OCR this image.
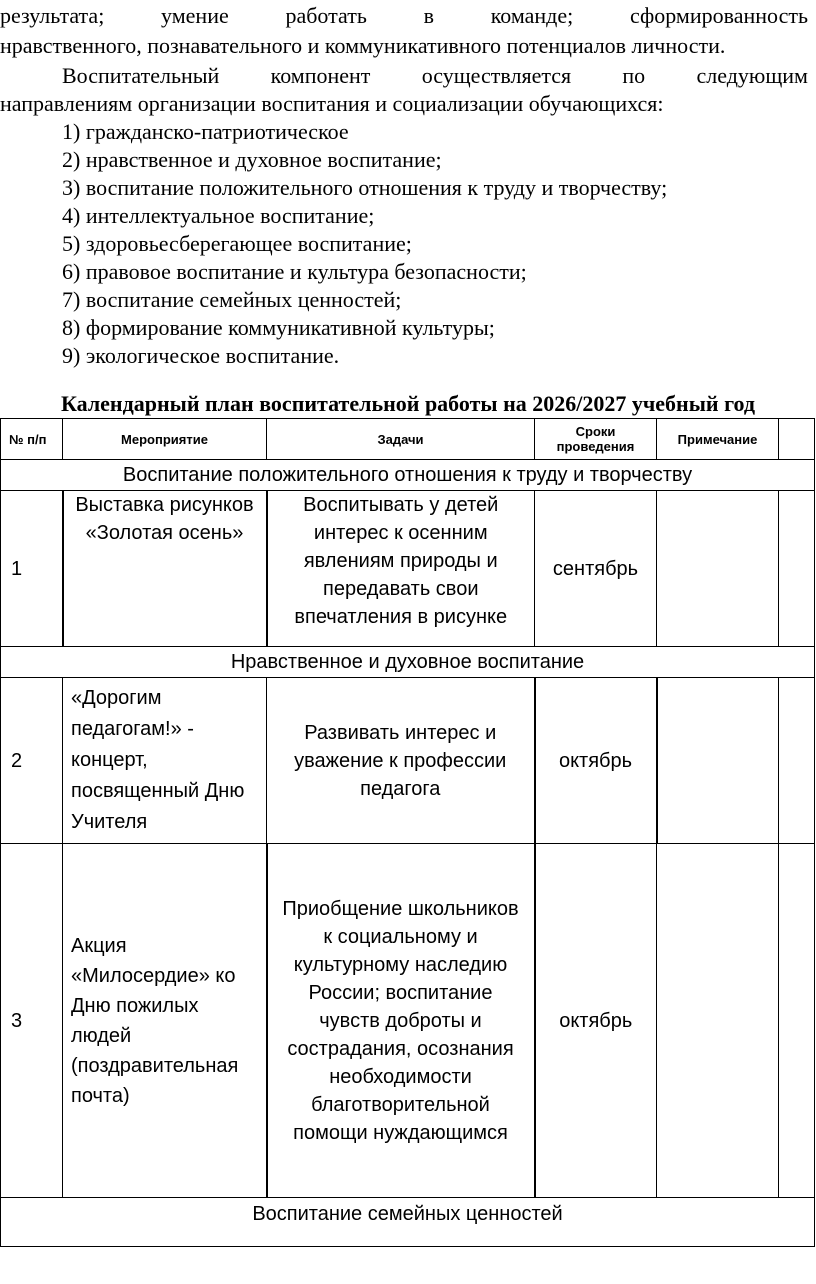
результата;	умение	работать	в	команде;	сформированность
нравственного, познавательного и коммуникативного потенциалов личности.
Воспитательный компонент осуществляется по следующим
направлениям организации воспитания и социализации обучающихся:
1) гражданско-патриотическое
2) нравственное и духовное воспитание;
3) воспитание положительного отношения к труду и творчеству;
4) интеллектуальное воспитание;
5) здоровьесберегающее воспитание;
6) правовое воспитание и культура безопасности;
7) воспитание семейных ценностей;
8) формирование коммуникативной культуры;
9) экологическое воспитание.
Календарный план воспитательной работы на 2026/2027 учебный год
№ п/п	Мероприятие	Задачи	Сроки проведения	Примечание	
Воспитание положительного отношения к труду и творчеству					
1	Выставка рисунков «Золотая осень»	Воспитывать у детей интерес к осенним явлениям природы и передавать свои впечатления в рисунке	сентябрь		
Нравственное и духовное воспитание					
2	«Дорогим педагогам!» - концерт, посвященный Дню Учителя	Развивать интерес и уважение к профессии педагога	октябрь		
3	Акция «Милосердие» ко Дню пожилых людей (поздравительная почта)	Приобщение школьников к социальному и культурному наследию России; воспитание чувств доброты и сострадания, осознания необходимости благотворительной помощи нуждающимся	октябрь		
Воспитание семейных ценностей					
